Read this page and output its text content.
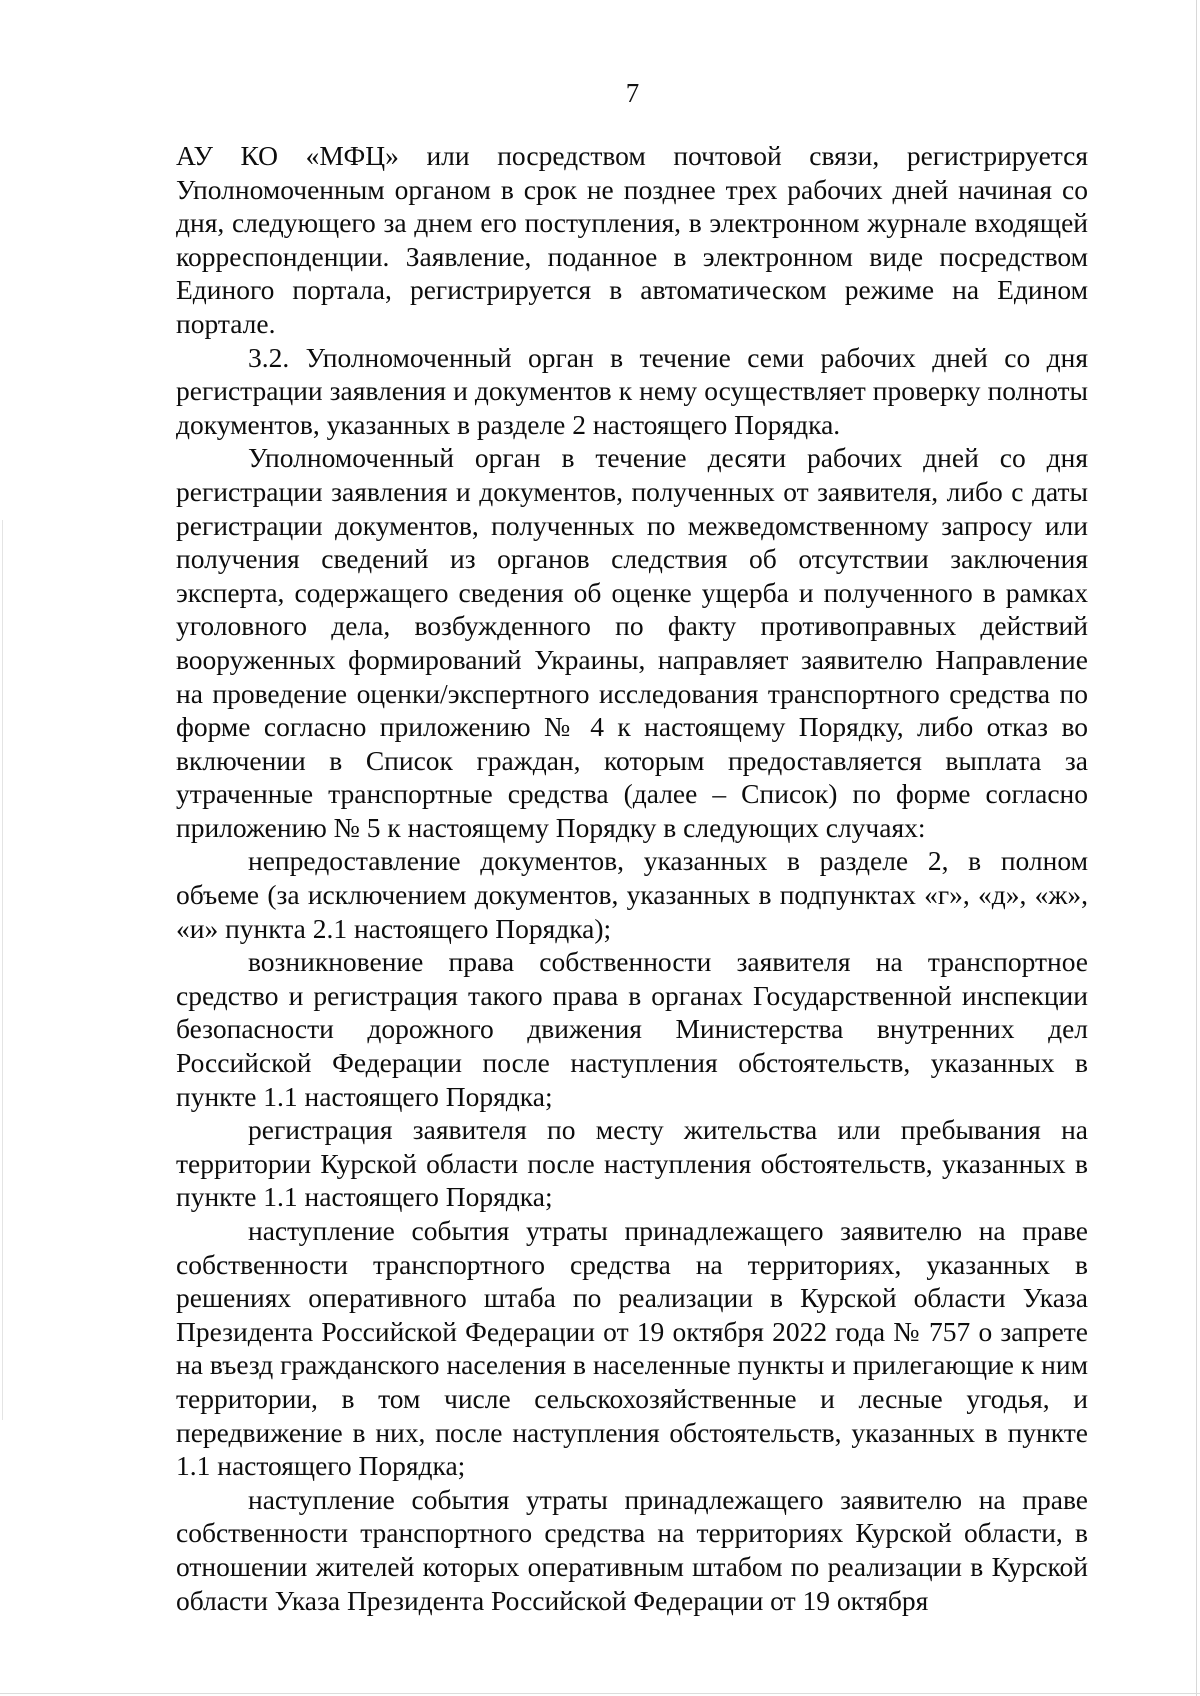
7

АУ КО «МФЦ» или посредством почтовой связи, регистрируется Уполномоченным органом в срок не позднее трех рабочих дней начиная со дня, следующего за днем его поступления, в электронном журнале входящей корреспонденции. Заявление, поданное в электронном виде посредством Единого портала, регистрируется в автоматическом режиме на Едином портале.

3.2. Уполномоченный орган в течение семи рабочих дней со дня регистрации заявления и документов к нему осуществляет проверку полноты документов, указанных в разделе 2 настоящего Порядка.

Уполномоченный орган в течение десяти рабочих дней со дня регистрации заявления и документов, полученных от заявителя, либо с даты регистрации документов, полученных по межведомственному запросу или получения сведений из органов следствия об отсутствии заключения эксперта, содержащего сведения об оценке ущерба и полученного в рамках уголовного дела, возбужденного по факту противоправных действий вооруженных формирований Украины, направляет заявителю Направление на проведение оценки/экспертного исследования транспортного средства по форме согласно приложению № 4 к настоящему Порядку, либо отказ во включении в Список граждан, которым предоставляется выплата за утраченные транспортные средства (далее – Список) по форме согласно приложению № 5 к настоящему Порядку в следующих случаях:

непредоставление документов, указанных в разделе 2, в полном объеме (за исключением документов, указанных в подпунктах «г», «д», «ж», «и» пункта 2.1 настоящего Порядка);

возникновение права собственности заявителя на транспортное средство и регистрация такого права в органах Государственной инспекции безопасности дорожного движения Министерства внутренних дел Российской Федерации после наступления обстоятельств, указанных в пункте 1.1 настоящего Порядка;

регистрация заявителя по месту жительства или пребывания на территории Курской области после наступления обстоятельств, указанных в пункте 1.1 настоящего Порядка;

наступление события утраты принадлежащего заявителю на праве собственности транспортного средства на территориях, указанных в решениях оперативного штаба по реализации в Курской области Указа Президента Российской Федерации от 19 октября 2022 года № 757 о запрете на въезд гражданского населения в населенные пункты и прилегающие к ним территории, в том числе сельскохозяйственные и лесные угодья, и передвижение в них, после наступления обстоятельств, указанных в пункте 1.1 настоящего Порядка;

наступление события утраты принадлежащего заявителю на праве собственности транспортного средства на территориях Курской области, в отношении жителей которых оперативным штабом по реализации в Курской области Указа Президента Российской Федерации от 19 октября
